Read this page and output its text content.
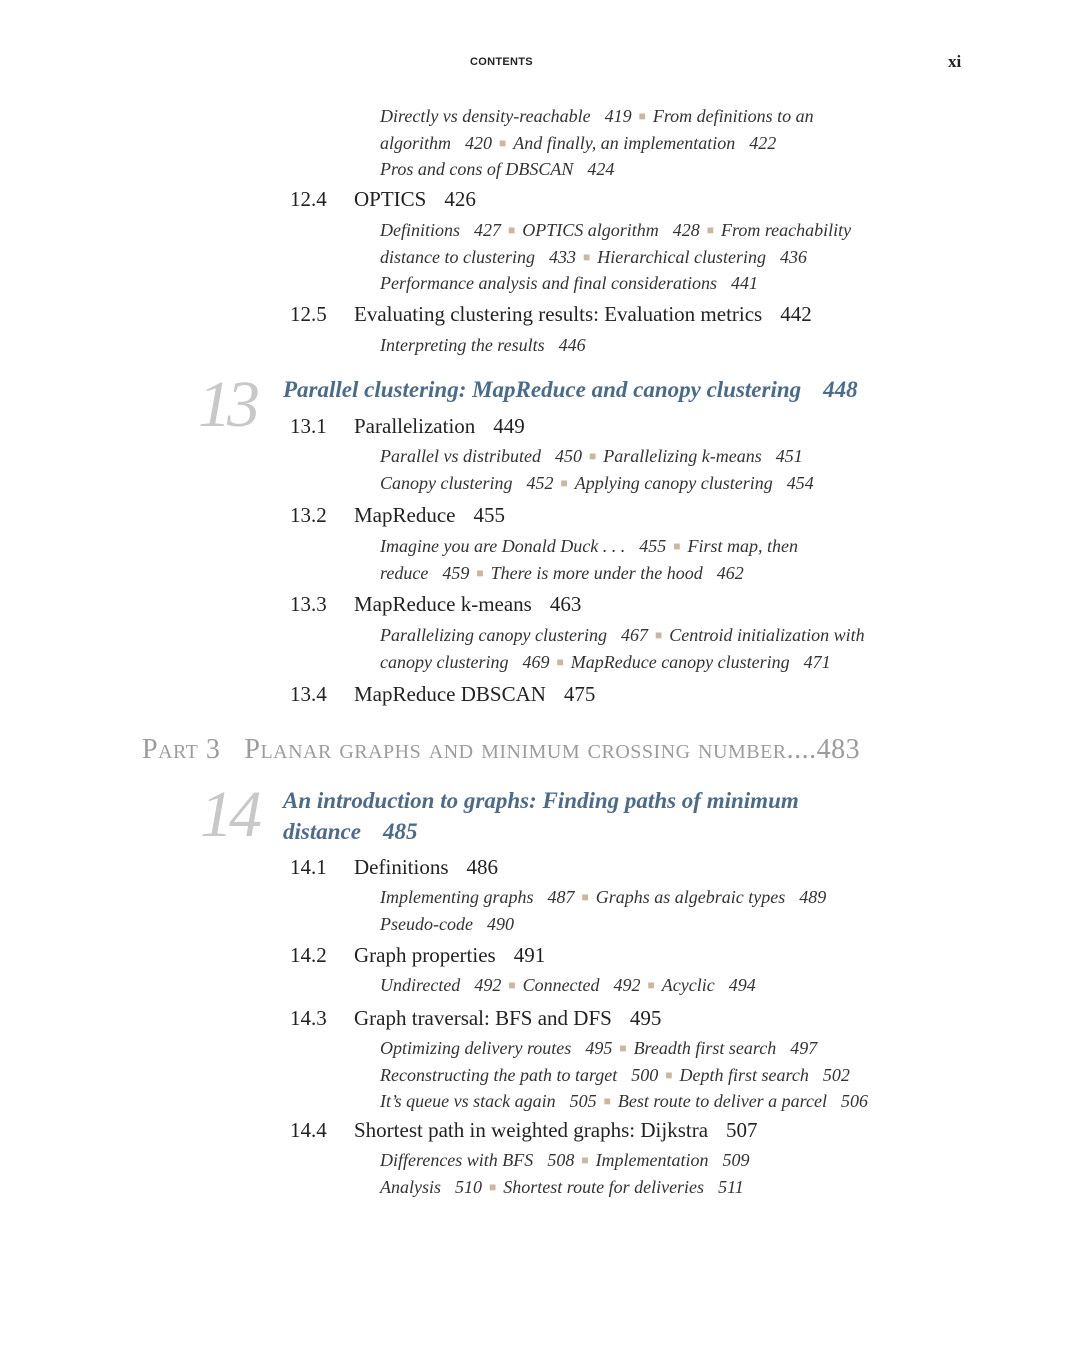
CONTENTS	xi
Directly vs density-reachable 419 ■ From definitions to an
algorithm 420 ■ And finally, an implementation 422
Pros and cons of DBSCAN 424
12.4 OPTICS 426
Definitions 427 ■ OPTICS algorithm 428 ■ From reachability
distance to clustering 433 ■ Hierarchical clustering 436
Performance analysis and final considerations 441
12.5 Evaluating clustering results: Evaluation metrics 442
Interpreting the results 446
13 Parallel clustering: MapReduce and canopy clustering 448
13.1 Parallelization 449
Parallel vs distributed 450 ■ Parallelizing k-means 451
Canopy clustering 452 ■ Applying canopy clustering 454
13.2 MapReduce 455
Imagine you are Donald Duck . . . 455 ■ First map, then
reduce 459 ■ There is more under the hood 462
13.3 MapReduce k-means 463
Parallelizing canopy clustering 467 ■ Centroid initialization with
canopy clustering 469 ■ MapReduce canopy clustering 471
13.4 MapReduce DBSCAN 475
Part 3 Planar graphs and minimum crossing number....483
14 An introduction to graphs: Finding paths of minimum
distance 485
14.1 Definitions 486
Implementing graphs 487 ■ Graphs as algebraic types 489
Pseudo-code 490
14.2 Graph properties 491
Undirected 492 ■ Connected 492 ■ Acyclic 494
14.3 Graph traversal: BFS and DFS 495
Optimizing delivery routes 495 ■ Breadth first search 497
Reconstructing the path to target 500 ■ Depth first search 502
It’s queue vs stack again 505 ■ Best route to deliver a parcel 506
14.4 Shortest path in weighted graphs: Dijkstra 507
Differences with BFS 508 ■ Implementation 509
Analysis 510 ■ Shortest route for deliveries 511
